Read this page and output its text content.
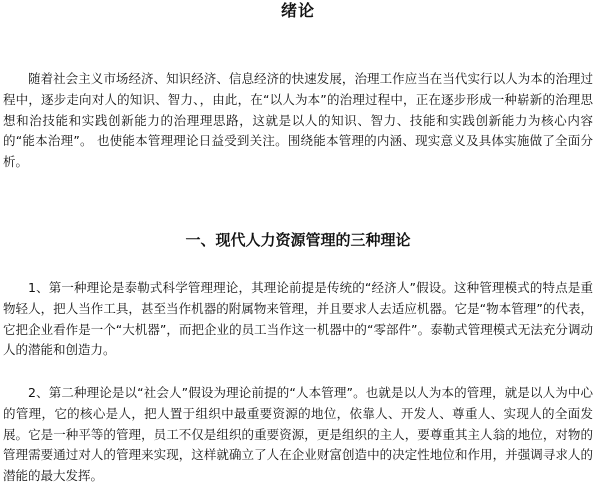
绪论

随着社会主义市场经济、知识经济、信息经济的快速发展，治理工作应当在当代实行以人为本的治理过程中，逐步走向对人的知识、智力、，由此，在“以人为本”的治理过程中，正在逐步形成一种崭新的治理思想和治技能和实践创新能力的治理理思路，这就是以人的知识、智力、技能和实践创新能力为核心内容的“能本治理”。 也使能本管理理论日益受到关注。围绕能本管理的内涵、现实意义及具体实施做了全面分析。

一、现代人力资源管理的三种理论

1、第一种理论是泰勒式科学管理理论，其理论前提是传统的“经济人”假设。这种管理模式的特点是重物轻人，把人当作工具，甚至当作机器的附属物来管理，并且要求人去适应机器。它是“物本管理”的代表，它把企业看作是一个“大机器”，而把企业的员工当作这一机器中的“零部件”。泰勒式管理模式无法充分调动人的潜能和创造力。

2、第二种理论是以“社会人”假设为理论前提的“人本管理”。也就是以人为本的管理，就是以人为中心的管理，它的核心是人，把人置于组织中最重要资源的地位，依靠人、开发人、尊重人、实现人的全面发展。它是一种平等的管理，员工不仅是组织的重要资源，更是组织的主人，要尊重其主人翁的地位，对物的管理需要通过对人的管理来实现，这样就确立了人在企业财富创造中的决定性地位和作用，并强调寻求人的潜能的最大发挥。
